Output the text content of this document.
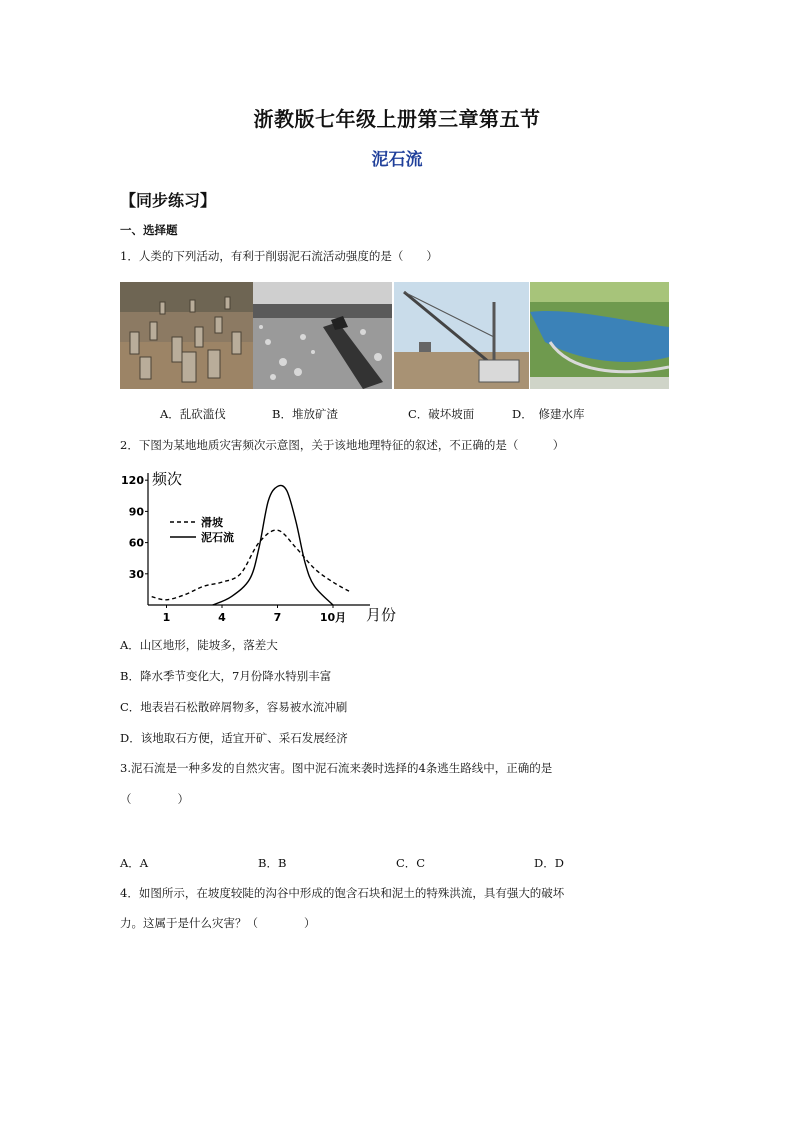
浙教版七年级上册第三章第五节
泥石流
【同步练习】
一、选择题
1．人类的下列活动，有利于削弱泥石流活动强度的是（　　）
A．乱砍滥伐	B．堆放矿渣	C．破坏坡面	D．　修建水库
2．下图为某地地质灾害频次示意图，关于该地地理特征的叙述，不正确的是（　　　）
30
60
90
120
1	4	7	10月
滑坡
泥石流
频次
月份
A．山区地形，陡坡多，落差大
B．降水季节变化大，7月份降水特别丰富
C．地表岩石松散碎屑物多，容易被水流冲刷
D．该地取石方便，适宜开矿、采石发展经济
3.泥石流是一种多发的自然灾害。图中泥石流来袭时选择的4条逃生路线中，正确的是
（　　　　）
A．A	B．B	C．C	D．D
4．如图所示，在坡度较陡的沟谷中形成的饱含石块和泥土的特殊洪流，具有强大的破坏
力。这属于是什么灾害？（　　　　）
